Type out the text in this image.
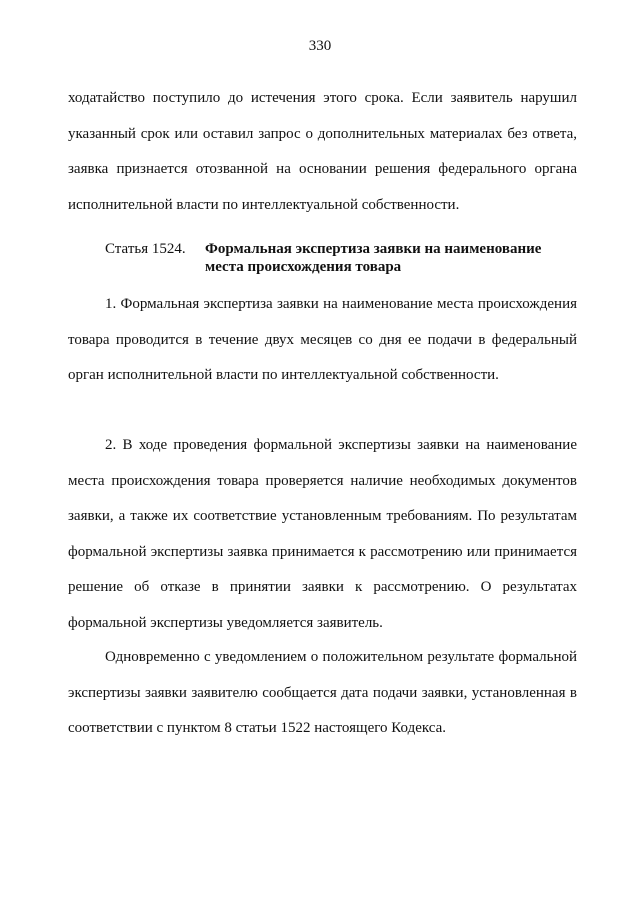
330

ходатайство поступило до истечения этого срока. Если заявитель нарушил указанный срок или оставил запрос о дополнительных материалах без ответа, заявка признается отозванной на основании решения федерального органа исполнительной власти по интеллектуальной собственности.

Статья 1524.	Формальная экспертиза заявки на наименование места происхождения товара

1. Формальная экспертиза заявки на наименование места происхождения товара проводится в течение двух месяцев со дня ее подачи в федеральный орган исполнительной власти по интеллектуальной собственности.

2. В ходе проведения формальной экспертизы заявки на наименование места происхождения товара проверяется наличие необходимых документов заявки, а также их соответствие установленным требованиям. По результатам формальной экспертизы заявка принимается к рассмотрению или принимается решение об отказе в принятии заявки к рассмотрению. О результатах формальной экспертизы уведомляется заявитель.

Одновременно с уведомлением о положительном результате формальной экспертизы заявки заявителю сообщается дата подачи заявки, установленная в соответствии с пунктом 8 статьи 1522 настоящего Кодекса.
